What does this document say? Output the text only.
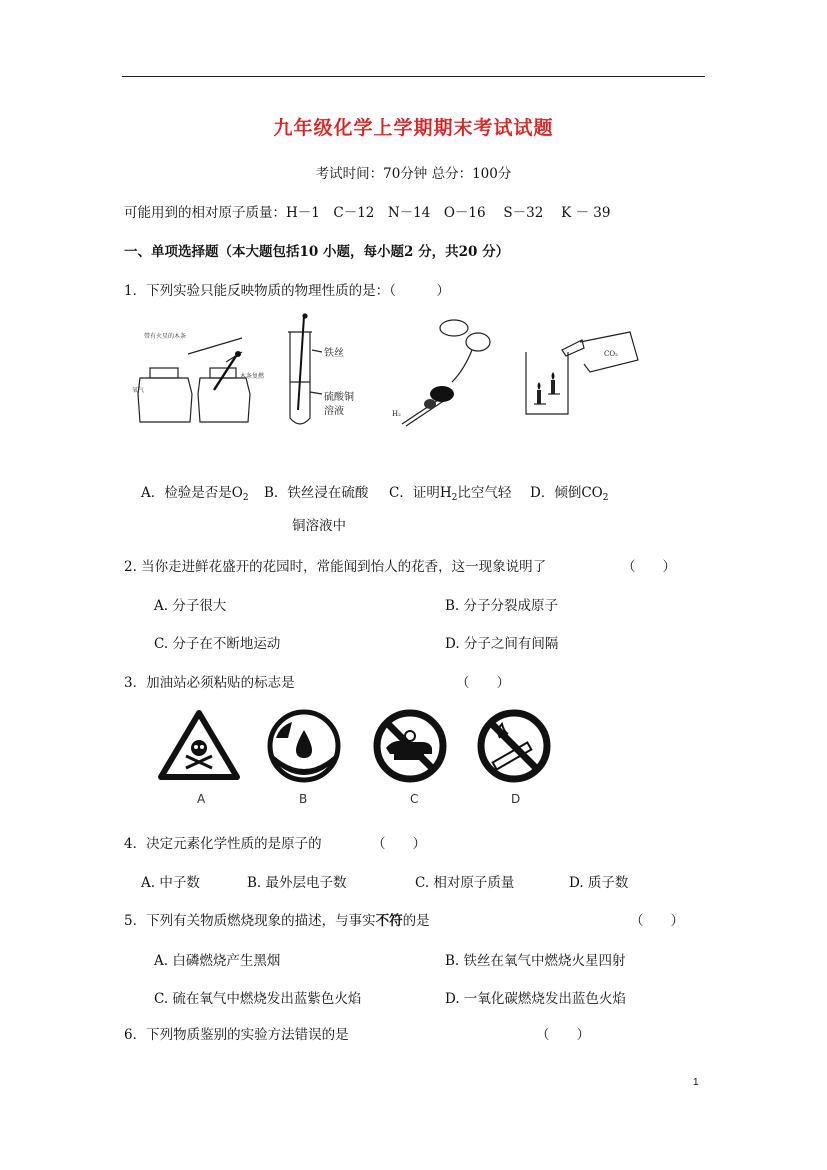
九年级化学上学期期末考试试题
考试时间：70分钟 总分：100分
可能用到的相对原子质量：H－1　C－12　N－14　O－16　 S－32　 K － 39
一、单项选择题（本大题包括10 小题，每小题2 分，共20 分）
1．下列实验只能反映物质的物理性质的是：（　　　）
带有火星的木条
氧气
木条复燃
铁丝
硫酸铜
溶液	H₂
CO₂
A．检验是否是$O_2$ B．铁丝浸在硫酸
铜溶液中
C．证明$H_2$比空气轻 D．倾倒$CO_2$
2. 当你走进鲜花盛开的花园时，常能闻到怡人的花香，这一现象说明了	（　　）
A. 分子很大	B. 分子分裂成原子
C. 分子在不断地运动	D. 分子之间有间隔
3．加油站必须粘贴的标志是	（　　）
A	B	C	D
4．决定元素化学性质的是原子的	（　　）
A. 中子数	B. 最外层电子数	C. 相对原子质量	D. 质子数
5．下列有关物质燃烧现象的描述，与事实不符的是	（　　）
A. 白磷燃烧产生黑烟	B. 铁丝在氧气中燃烧火星四射
C. 硫在氧气中燃烧发出蓝紫色火焰	D. 一氧化碳燃烧发出蓝色火焰
6．下列物质鉴别的实验方法错误的是	（　　）
1
